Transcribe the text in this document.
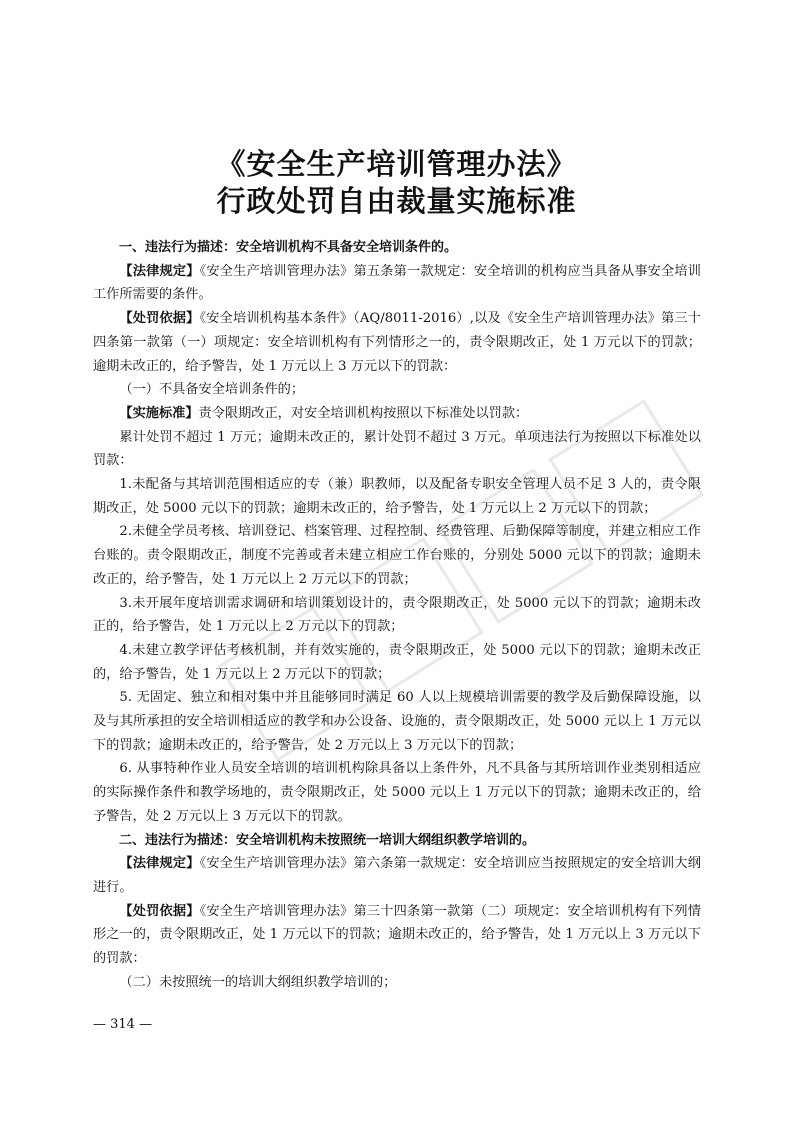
《安全生产培训管理办法》
行政处罚自由裁量实施标准

一、违法行为描述：安全培训机构不具备安全培训条件的。

【法律规定】《安全生产培训管理办法》第五条第一款规定：安全培训的机构应当具备从事安全培训工作所需要的条件。

【处罚依据】《安全培训机构基本条件》（AQ/8011-2016）,以及《安全生产培训管理办法》第三十四条第一款第（一）项规定：安全培训机构有下列情形之一的，责令限期改正，处 1 万元以下的罚款；逾期未改正的，给予警告，处 1 万元以上 3 万元以下的罚款：

（一）不具备安全培训条件的；

【实施标准】责令限期改正，对安全培训机构按照以下标准处以罚款：

累计处罚不超过 1 万元；逾期未改正的，累计处罚不超过 3 万元。单项违法行为按照以下标准处以罚款：

1.未配备与其培训范围相适应的专（兼）职教师，以及配备专职安全管理人员不足 3 人的，责令限期改正，处 5000 元以下的罚款；逾期未改正的，给予警告，处 1 万元以上 2 万元以下的罚款；

2.未健全学员考核、培训登记、档案管理、过程控制、经费管理、后勤保障等制度，并建立相应工作台账的。责令限期改正，制度不完善或者未建立相应工作台账的，分别处 5000 元以下的罚款；逾期未改正的，给予警告，处 1 万元以上 2 万元以下的罚款；

3.未开展年度培训需求调研和培训策划设计的，责令限期改正，处 5000 元以下的罚款；逾期未改正的，给予警告，处 1 万元以上 2 万元以下的罚款；

4.未建立教学评估考核机制，并有效实施的，责令限期改正，处 5000 元以下的罚款；逾期未改正的，给予警告，处 1 万元以上 2 万元以下的罚款；

5. 无固定、独立和相对集中并且能够同时满足 60 人以上规模培训需要的教学及后勤保障设施，以及与其所承担的安全培训相适应的教学和办公设备、设施的，责令限期改正，处 5000 元以上 1 万元以下的罚款；逾期未改正的，给予警告，处 2 万元以上 3 万元以下的罚款；

6. 从事特种作业人员安全培训的培训机构除具备以上条件外，凡不具备与其所培训作业类别相适应的实际操作条件和教学场地的，责令限期改正，处 5000 元以上 1 万元以下的罚款；逾期未改正的，给予警告，处 2 万元以上 3 万元以下的罚款。

二、违法行为描述：安全培训机构未按照统一培训大纲组织教学培训的。

【法律规定】《安全生产培训管理办法》第六条第一款规定：安全培训应当按照规定的安全培训大纲进行。

【处罚依据】《安全生产培训管理办法》第三十四条第一款第（二）项规定：安全培训机构有下列情形之一的，责令限期改正，处 1 万元以下的罚款；逾期未改正的，给予警告，处 1 万元以上 3 万元以下的罚款：

（二）未按照统一的培训大纲组织教学培训的；

— 314 —
